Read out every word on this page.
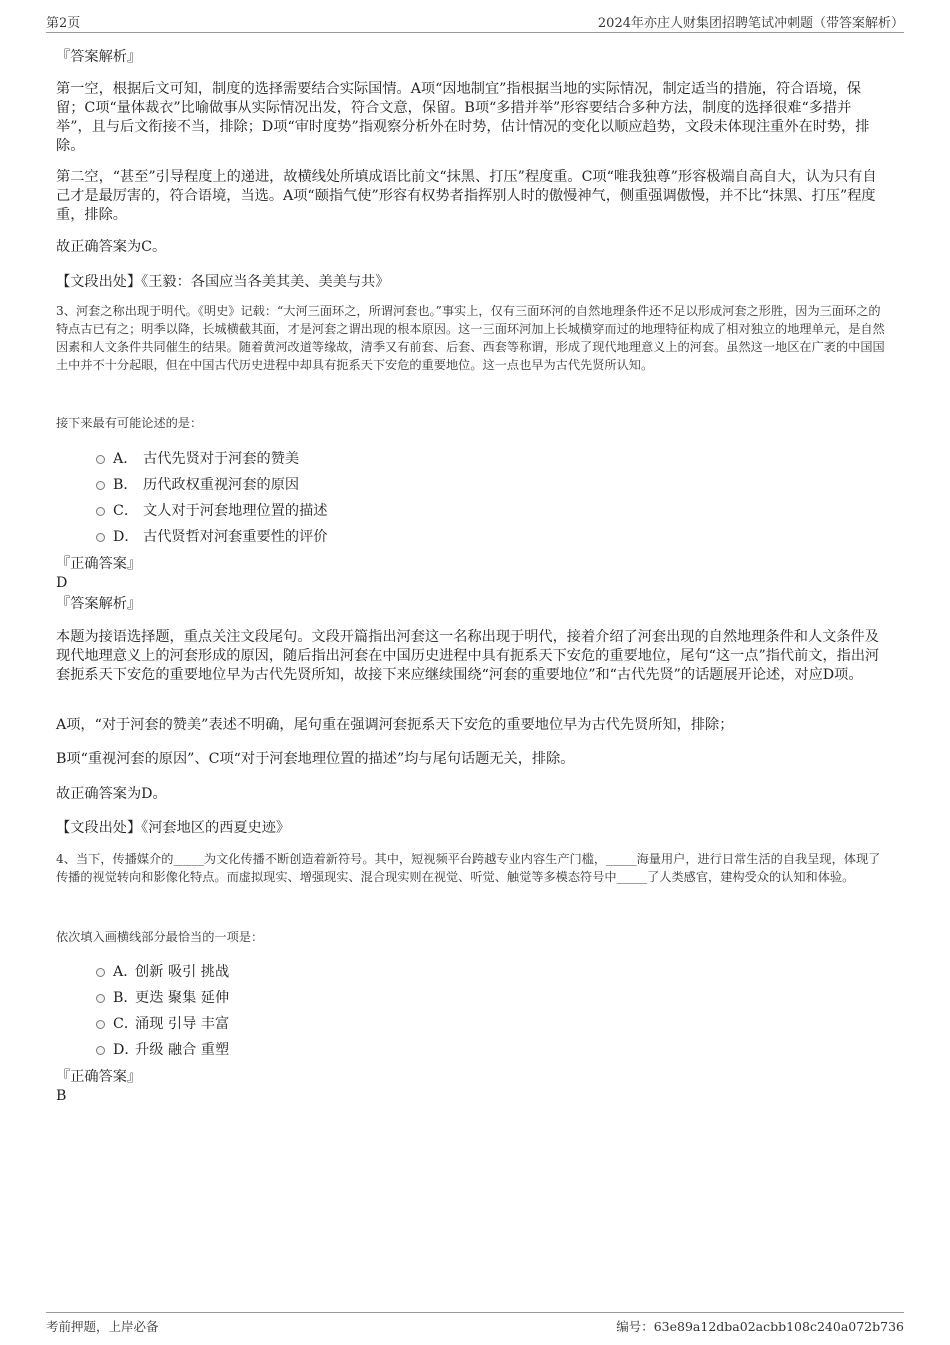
第2页	2024年亦庄人财集团招聘笔试冲刺题（带答案解析）

『答案解析』

第一空，根据后文可知，制度的选择需要结合实际国情。A项“因地制宜”指根据当地的实际情况，制定适当的措施，符合语境，保留；C项“量体裁衣”比喻做事从实际情况出发，符合文意，保留。B项“多措并举”形容要结合多种方法，制度的选择很难“多措并举”，且与后文衔接不当，排除；D项“审时度势”指观察分析外在时势，估计情况的变化以顺应趋势，文段未体现注重外在时势，排除。

第二空，“甚至”引导程度上的递进，故横线处所填成语比前文“抹黑、打压”程度重。C项“唯我独尊”形容极端自高自大，认为只有自己才是最厉害的，符合语境，当选。A项“颐指气使”形容有权势者指挥别人时的傲慢神气，侧重强调傲慢，并不比“抹黑、打压”程度重，排除。

故正确答案为C。

【文段出处】《王毅：各国应当各美其美、美美与共》

3、河套之称出现于明代。《明史》记载：“大河三面环之，所谓河套也。”事实上，仅有三面环河的自然地理条件还不足以形成河套之形胜，因为三面环之的特点古已有之；明季以降，长城横截其面，才是河套之谓出现的根本原因。这一三面环河加上长城横穿而过的地理特征构成了相对独立的地理单元，是自然因素和人文条件共同催生的结果。随着黄河改道等缘故，清季又有前套、后套、西套等称谓，形成了现代地理意义上的河套。虽然这一地区在广袤的中国国土中并不十分起眼，但在中国古代历史进程中却具有扼系天下安危的重要地位。这一点也早为古代先贤所认知。

接下来最有可能论述的是：

A． 古代先贤对于河套的赞美
B． 历代政权重视河套的原因
C． 文人对于河套地理位置的描述
D． 古代贤哲对河套重要性的评价

『正确答案』

D

『答案解析』

本题为接语选择题，重点关注文段尾句。文段开篇指出河套这一名称出现于明代，接着介绍了河套出现的自然地理条件和人文条件及现代地理意义上的河套形成的原因，随后指出河套在中国历史进程中具有扼系天下安危的重要地位，尾句“这一点”指代前文，指出河套扼系天下安危的重要地位早为古代先贤所知，故接下来应继续围绕“河套的重要地位”和“古代先贤”的话题展开论述，对应D项。

A项，“对于河套的赞美”表述不明确，尾句重在强调河套扼系天下安危的重要地位早为古代先贤所知，排除；

B项“重视河套的原因”、C项“对于河套地理位置的描述”均与尾句话题无关，排除。

故正确答案为D。

【文段出处】《河套地区的西夏史迹》

4、当下，传播媒介的_____为文化传播不断创造着新符号。其中，短视频平台跨越专业内容生产门槛，_____海量用户，进行日常生活的自我呈现，体现了传播的视觉转向和影像化特点。而虚拟现实、增强现实、混合现实则在视觉、听觉、触觉等多模态符号中_____了人类感官，建构受众的认知和体验。

依次填入画横线部分最恰当的一项是：

A．
创新 吸引 挑战
B．
更迭 聚集 延伸
C．
涌现 引导 丰富
D．
升级 融合 重塑

『正确答案』

B

考前押题，上岸必备	编号：63e89a12dba02acbb108c240a072b736
